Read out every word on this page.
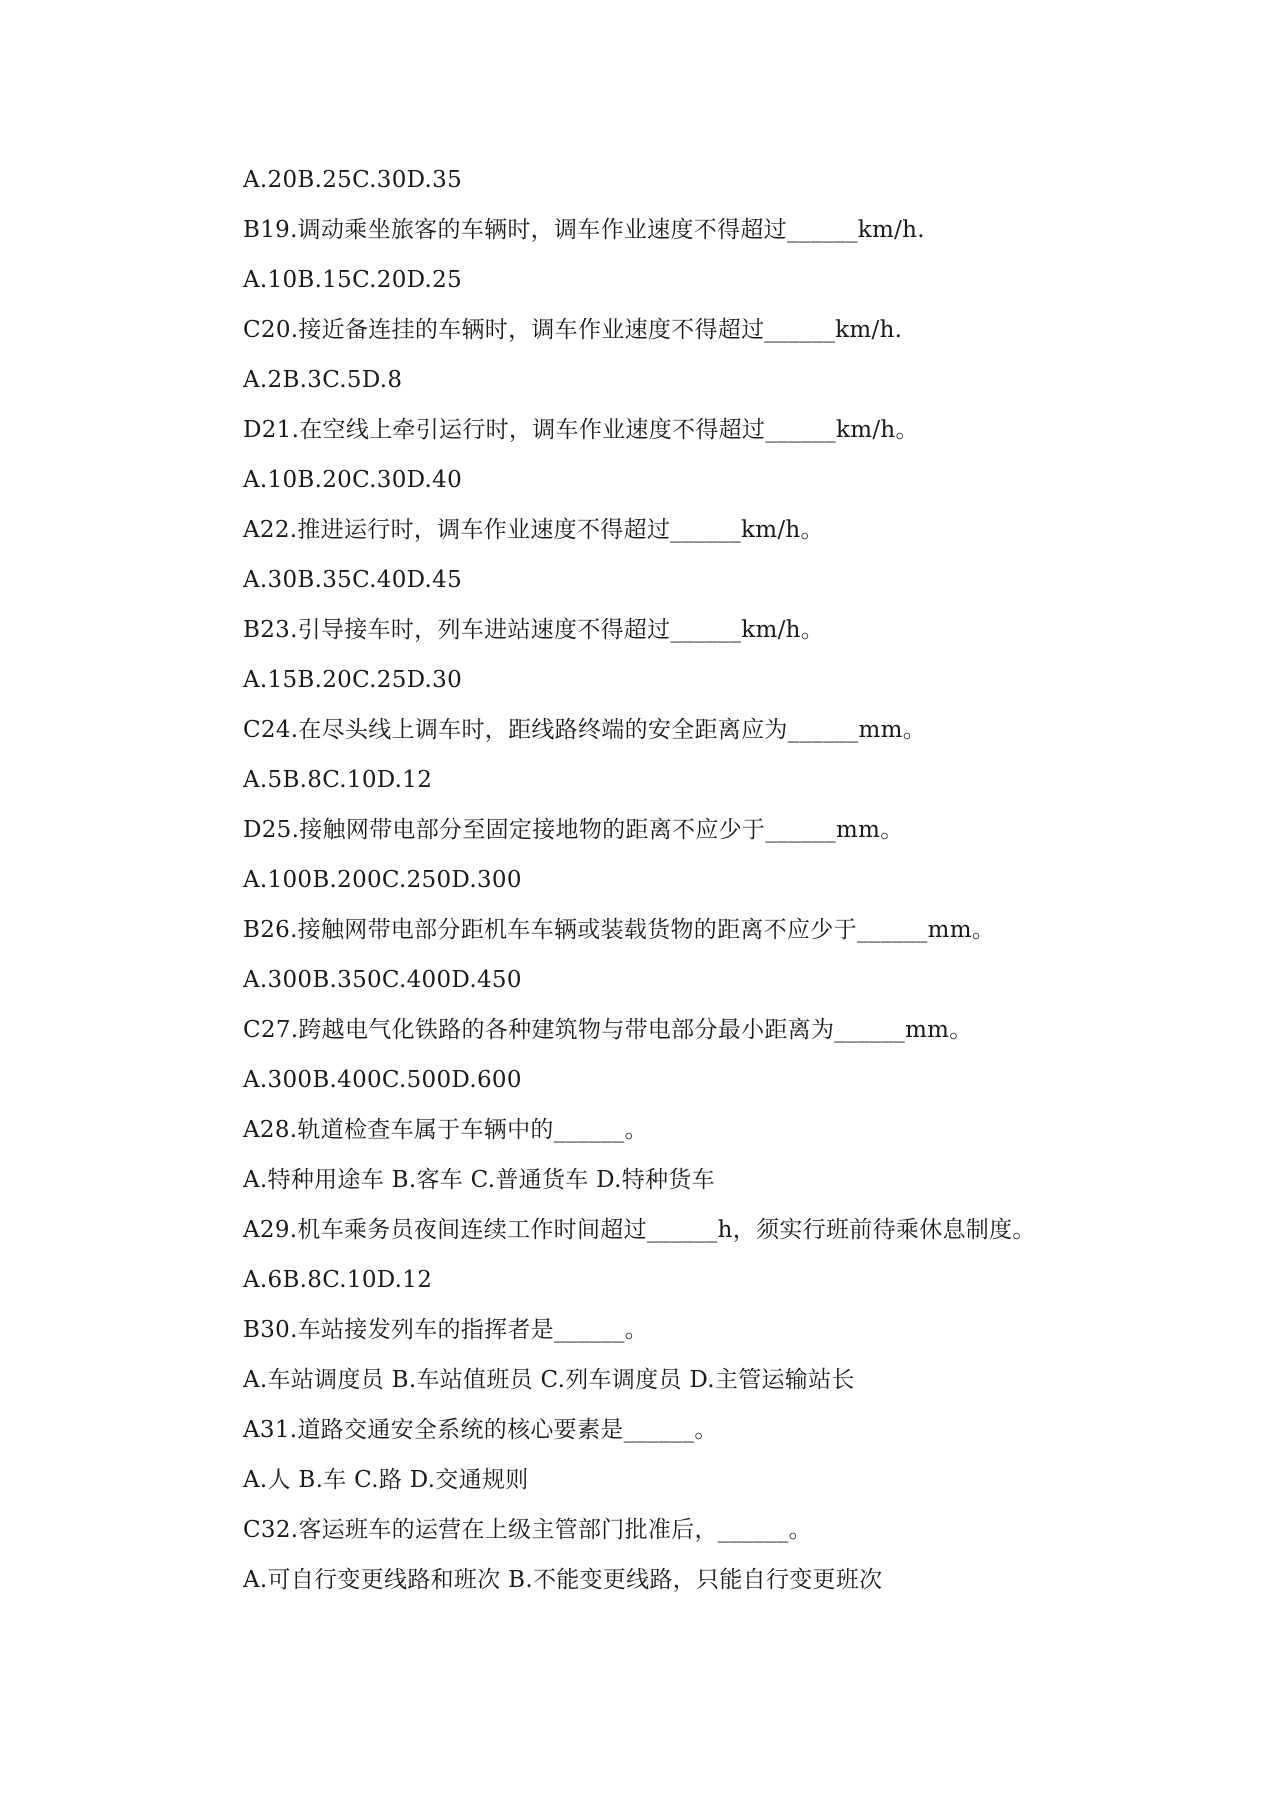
A.20B.25C.30D.35
B19.调动乘坐旅客的车辆时，调车作业速度不得超过______km/h.
A.10B.15C.20D.25
C20.接近备连挂的车辆时，调车作业速度不得超过______km/h.
A.2B.3C.5D.8
D21.在空线上牵引运行时，调车作业速度不得超过______km/h。
A.10B.20C.30D.40
A22.推进运行时，调车作业速度不得超过______km/h。
A.30B.35C.40D.45
B23.引导接车时，列车进站速度不得超过______km/h。
A.15B.20C.25D.30
C24.在尽头线上调车时，距线路终端的安全距离应为______mm。
A.5B.8C.10D.12
D25.接触网带电部分至固定接地物的距离不应少于______mm。
A.100B.200C.250D.300
B26.接触网带电部分距机车车辆或装载货物的距离不应少于______mm。
A.300B.350C.400D.450
C27.跨越电气化铁路的各种建筑物与带电部分最小距离为______mm。
A.300B.400C.500D.600
A28.轨道检查车属于车辆中的______。
A.特种用途车 B.客车 C.普通货车 D.特种货车
A29.机车乘务员夜间连续工作时间超过______h，须实行班前待乘休息制度。
A.6B.8C.10D.12
B30.车站接发列车的指挥者是______。
A.车站调度员 B.车站值班员 C.列车调度员 D.主管运输站长
A31.道路交通安全系统的核心要素是______。
A.人 B.车 C.路 D.交通规则
C32.客运班车的运营在上级主管部门批准后，______。
A.可自行变更线路和班次 B.不能变更线路，只能自行变更班次
